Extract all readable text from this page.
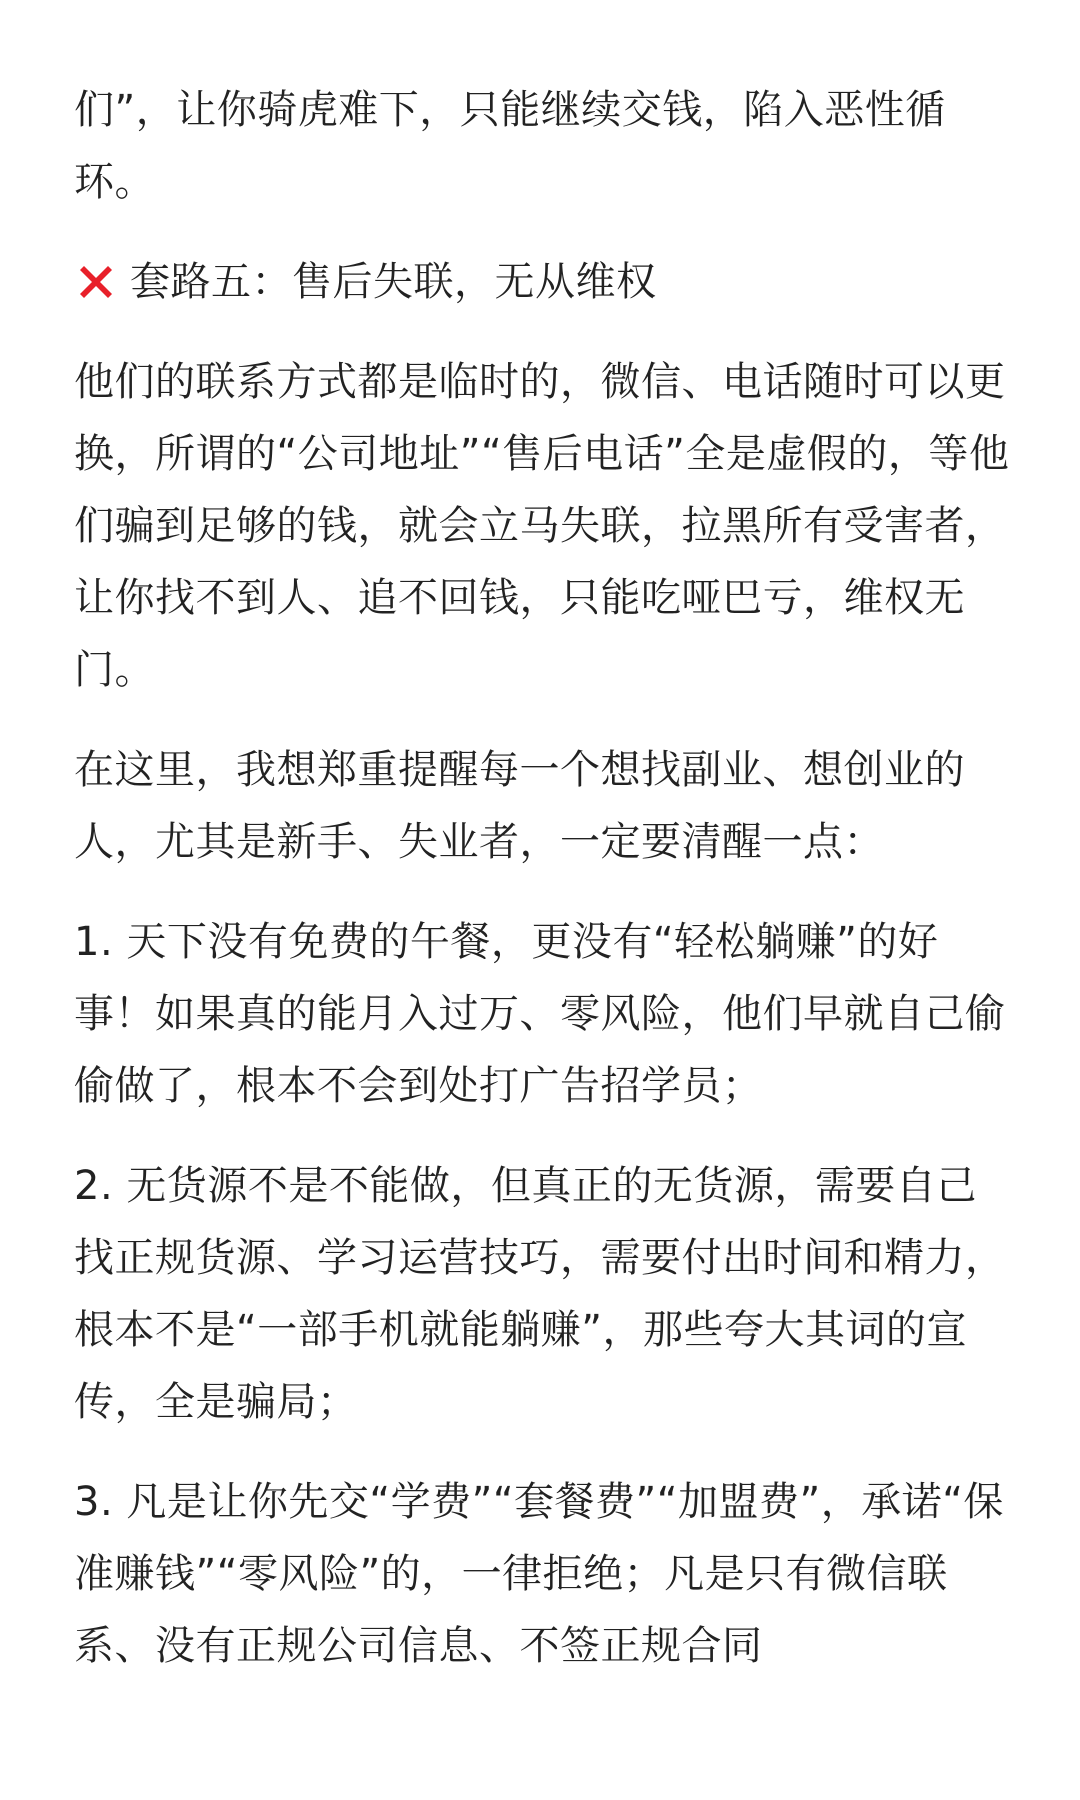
们”，让你骑虎难下，只能继续交钱，陷入恶性循环。

套路五：售后失联，无从维权

他们的联系方式都是临时的，微信、电话随时可以更换，所谓的“公司地址”“售后电话”全是虚假的，等他们骗到足够的钱，就会立马失联，拉黑所有受害者，让你找不到人、追不回钱，只能吃哑巴亏，维权无门。

在这里，我想郑重提醒每一个想找副业、想创业的人，尤其是新手、失业者，一定要清醒一点：

1. 天下没有免费的午餐，更没有“轻松躺赚”的好事！如果真的能月入过万、零风险，他们早就自己偷偷做了，根本不会到处打广告招学员；

2. 无货源不是不能做，但真正的无货源，需要自己找正规货源、学习运营技巧，需要付出时间和精力，根本不是“一部手机就能躺赚”，那些夸大其词的宣传，全是骗局；

3. 凡是让你先交“学费”“套餐费”“加盟费”，承诺“保准赚钱”“零风险”的，一律拒绝；凡是只有微信联系、没有正规公司信息、不签正规合同
